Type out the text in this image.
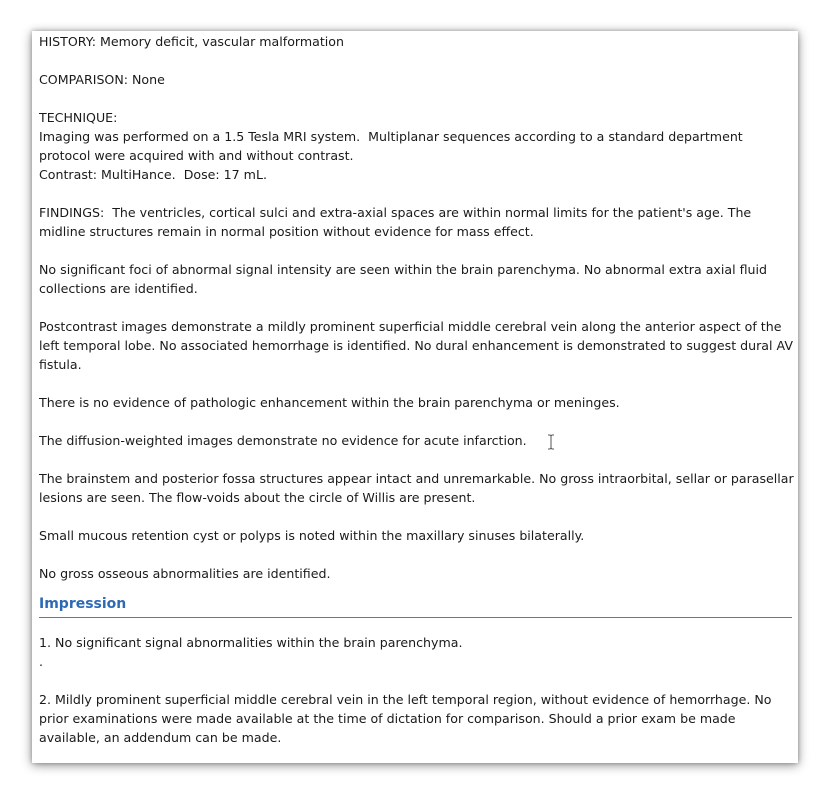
HISTORY: Memory deficit, vascular malformation

COMPARISON: None

TECHNIQUE:

Imaging was performed on a 1.5 Tesla MRI system.  Multiplanar sequences according to a standard department protocol were acquired with and without contrast.

Contrast: MultiHance.  Dose: 17 mL.

FINDINGS:  The ventricles, cortical sulci and extra-axial spaces are within normal limits for the patient's age. The midline structures remain in normal position without evidence for mass effect.

No significant foci of abnormal signal intensity are seen within the brain parenchyma. No abnormal extra axial fluid collections are identified.

Postcontrast images demonstrate a mildly prominent superficial middle cerebral vein along the anterior aspect of the left temporal lobe. No associated hemorrhage is identified. No dural enhancement is demonstrated to suggest dural AV fistula.

There is no evidence of pathologic enhancement within the brain parenchyma or meninges.

The diffusion-weighted images demonstrate no evidence for acute infarction.

The brainstem and posterior fossa structures appear intact and unremarkable. No gross intraorbital, sellar or parasellar lesions are seen. The flow-voids about the circle of Willis are present.

Small mucous retention cyst or polyps is noted within the maxillary sinuses bilaterally.

No gross osseous abnormalities are identified.

Impression

1. No significant signal abnormalities within the brain parenchyma.

.

2. Mildly prominent superficial middle cerebral vein in the left temporal region, without evidence of hemorrhage. No prior examinations were made available at the time of dictation for comparison. Should a prior exam be made available, an addendum can be made.
